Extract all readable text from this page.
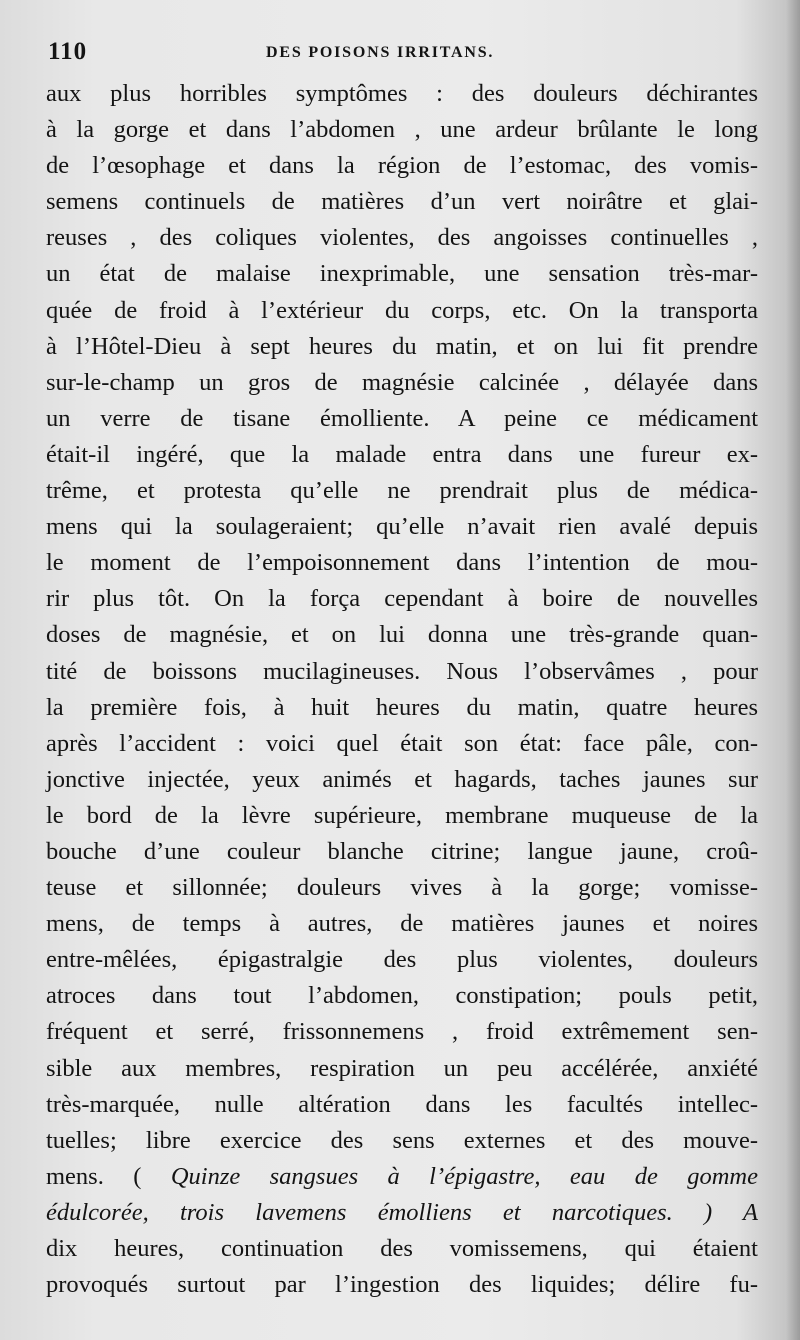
110	DES POISONS IRRITANS.
aux plus horribles symptômes : des douleurs déchirantes
à la gorge et dans l’abdomen , une ardeur brûlante le long
de l’œsophage et dans la région de l’estomac, des vomis-
semens continuels de matières d’un vert noirâtre et glai-
reuses , des coliques violentes, des angoisses continuelles ,
un état de malaise inexprimable, une sensation très-mar-
quée de froid à l’extérieur du corps, etc. On la transporta
à l’Hôtel-Dieu à sept heures du matin, et on lui fit prendre
sur-le-champ un gros de magnésie calcinée , délayée dans
un verre de tisane émolliente. A peine ce médicament
était-il ingéré, que la malade entra dans une fureur ex-
trême, et protesta qu’elle ne prendrait plus de médica-
mens qui la soulageraient; qu’elle n’avait rien avalé depuis
le moment de l’empoisonnement dans l’intention de mou-
rir plus tôt. On la força cependant à boire de nouvelles
doses de magnésie, et on lui donna une très-grande quan-
tité de boissons mucilagineuses. Nous l’observâmes , pour
la première fois, à huit heures du matin, quatre heures
après l’accident : voici quel était son état: face pâle, con-
jonctive injectée, yeux animés et hagards, taches jaunes sur
le bord de la lèvre supérieure, membrane muqueuse de la
bouche d’une couleur blanche citrine; langue jaune, croû-
teuse et sillonnée; douleurs vives à la gorge; vomisse-
mens, de temps à autres, de matières jaunes et noires
entre-mêlées, épigastralgie des plus violentes, douleurs
atroces dans tout l’abdomen, constipation; pouls petit,
fréquent et serré, frissonnemens , froid extrêmement sen-
sible aux membres, respiration un peu accélérée, anxiété
très-marquée, nulle altération dans les facultés intellec-
tuelles; libre exercice des sens externes et des mouve-
mens. ( Quinze sangsues à l’épigastre, eau de gomme
édulcorée, trois lavemens émolliens et narcotiques. ) A
dix heures, continuation des vomissemens, qui étaient
provoqués surtout par l’ingestion des liquides; délire fu-
